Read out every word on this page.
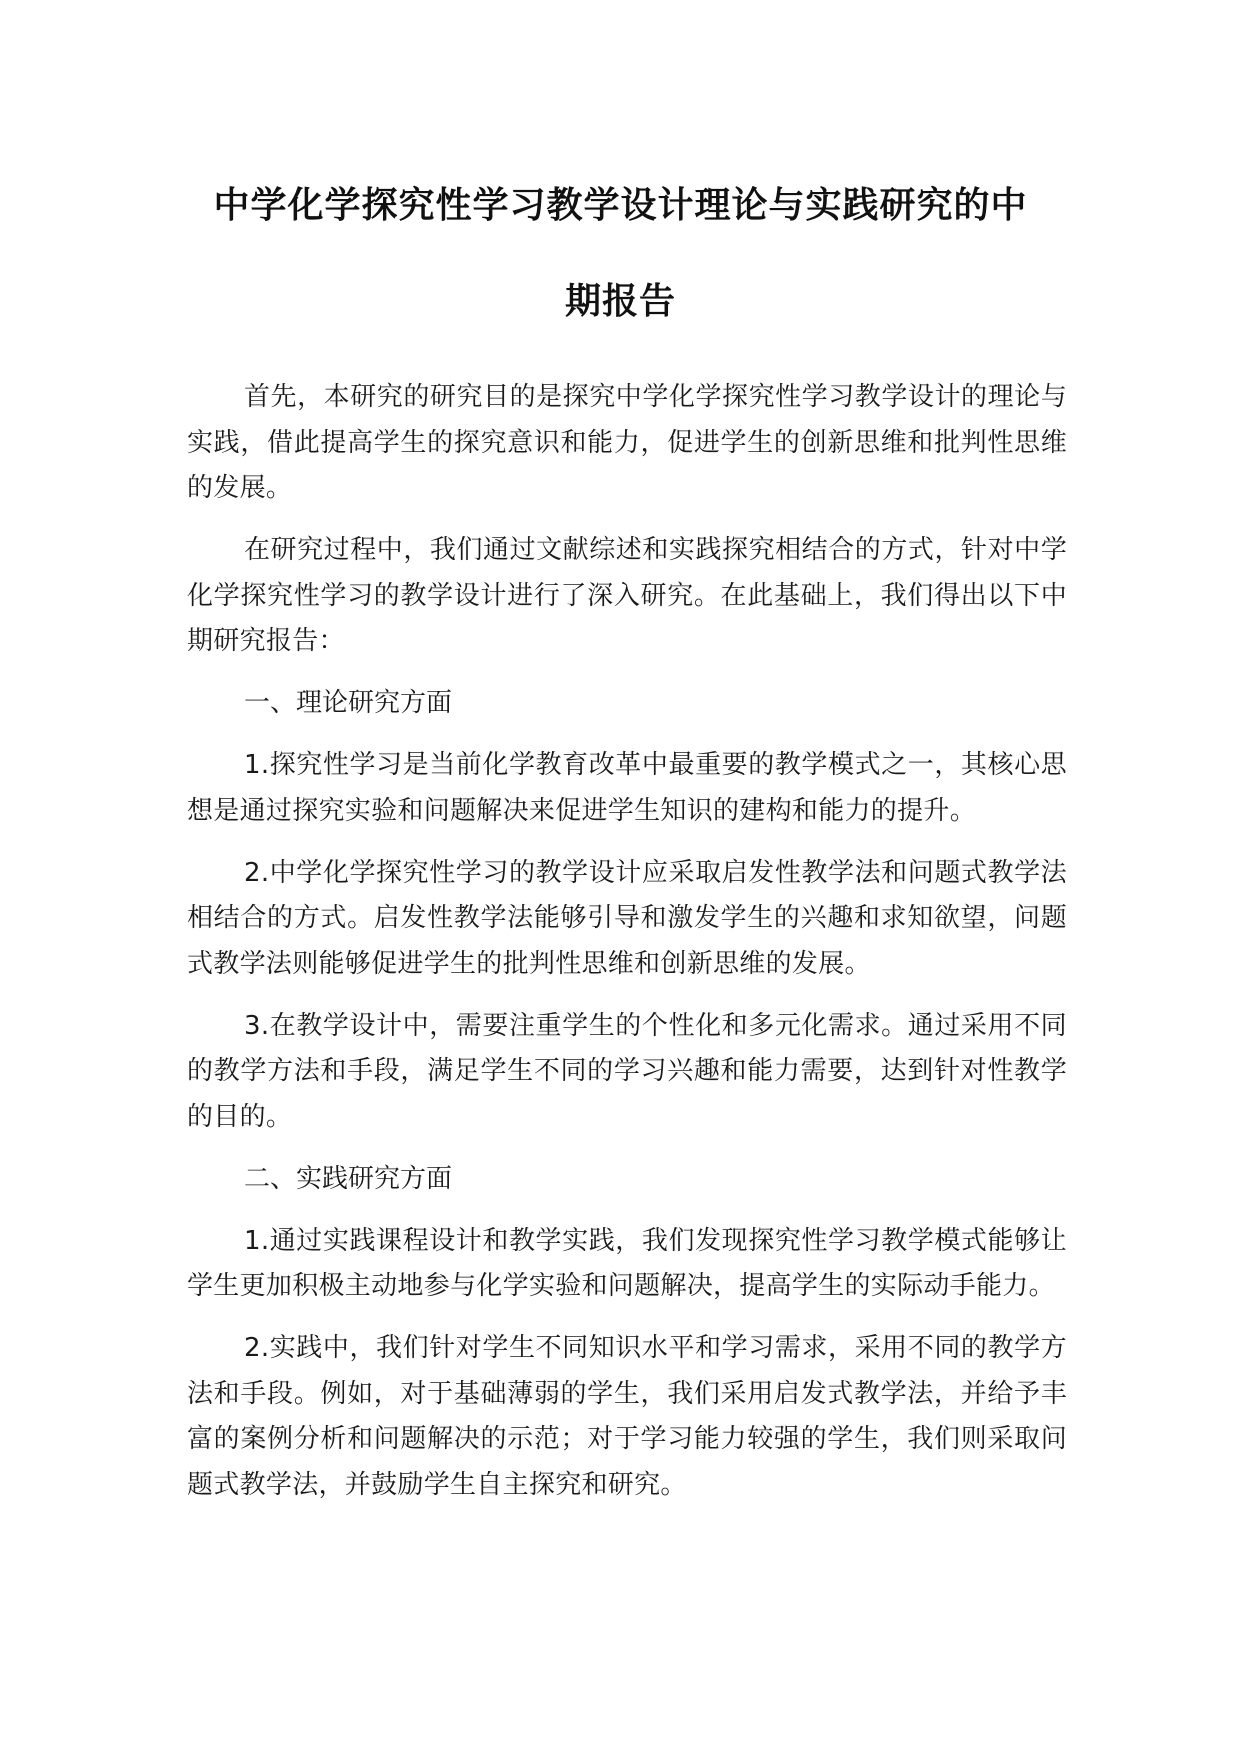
中学化学探究性学习教学设计理论与实践研究的中期报告

首先，本研究的研究目的是探究中学化学探究性学习教学设计的理论与实践，借此提高学生的探究意识和能力，促进学生的创新思维和批判性思维的发展。

在研究过程中，我们通过文献综述和实践探究相结合的方式，针对中学化学探究性学习的教学设计进行了深入研究。在此基础上，我们得出以下中期研究报告：

一、理论研究方面

1.探究性学习是当前化学教育改革中最重要的教学模式之一，其核心思想是通过探究实验和问题解决来促进学生知识的建构和能力的提升。

2.中学化学探究性学习的教学设计应采取启发性教学法和问题式教学法相结合的方式。启发性教学法能够引导和激发学生的兴趣和求知欲望，问题式教学法则能够促进学生的批判性思维和创新思维的发展。

3.在教学设计中，需要注重学生的个性化和多元化需求。通过采用不同的教学方法和手段，满足学生不同的学习兴趣和能力需要，达到针对性教学的目的。

二、实践研究方面

1.通过实践课程设计和教学实践，我们发现探究性学习教学模式能够让学生更加积极主动地参与化学实验和问题解决，提高学生的实际动手能力。

2.实践中，我们针对学生不同知识水平和学习需求，采用不同的教学方法和手段。例如，对于基础薄弱的学生，我们采用启发式教学法，并给予丰富的案例分析和问题解决的示范；对于学习能力较强的学生，我们则采取问题式教学法，并鼓励学生自主探究和研究。
